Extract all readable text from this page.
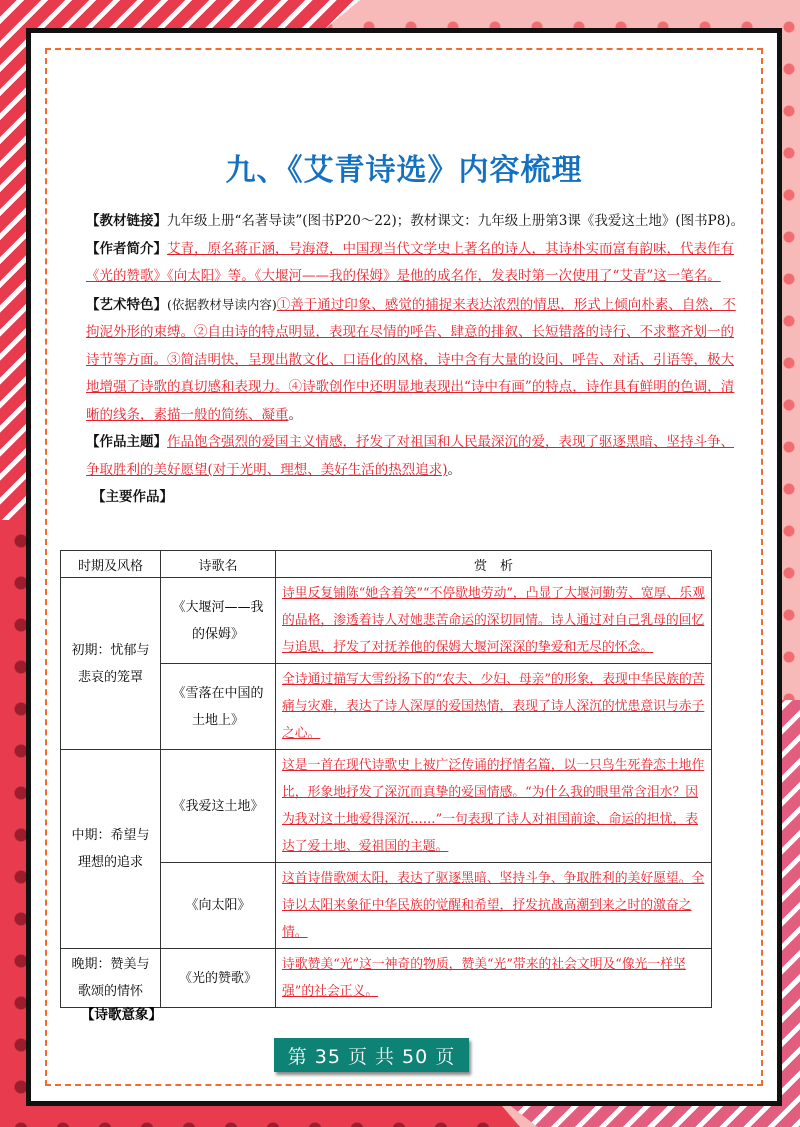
九、《艾青诗选》内容梳理

【教材链接】九年级上册“名著导读”(图书P20～22)；教材课文：九年级上册第3课《我爱这土地》(图书P8)。

【作者简介】艾青，原名蒋正涵，号海澄，中国现当代文学史上著名的诗人，其诗朴实而富有韵味，代表作有《光的赞歌》《向太阳》等。《大堰河——我的保姆》是他的成名作，发表时第一次使用了“艾青”这一笔名。

【艺术特色】(依据教材导读内容)①善于通过印象、感觉的捕捉来表达浓烈的情思，形式上倾向朴素、自然，不拘泥外形的束缚。②自由诗的特点明显，表现在尽情的呼告、肆意的排叙、长短错落的诗行、不求整齐划一的诗节等方面。③简洁明快，呈现出散文化、口语化的风格，诗中含有大量的设问、呼告、对话、引语等，极大地增强了诗歌的真切感和表现力。④诗歌创作中还明显地表现出“诗中有画”的特点，诗作具有鲜明的色调，清晰的线条，素描一般的简练、凝重。

【作品主题】作品饱含强烈的爱国主义情感，抒发了对祖国和人民最深沉的爱，表现了驱逐黑暗、坚持斗争、争取胜利的美好愿望(对于光明、理想、美好生活的热烈追求)。

【主要作品】

时期及风格	诗歌名	赏　析
初期：忧郁与悲哀的笼罩	《大堰河——我的保姆》	诗里反复铺陈“她含着笑”“不停歇地劳动”，凸显了大堰河勤劳、宽厚、乐观的品格，渗透着诗人对她悲苦命运的深切同情。诗人通过对自己乳母的回忆与追思，抒发了对抚养他的保姆大堰河深深的挚爱和无尽的怀念。
	《雪落在中国的土地上》	全诗通过描写大雪纷扬下的“农夫、少妇、母亲”的形象，表现中华民族的苦痛与灾难，表达了诗人深厚的爱国热情，表现了诗人深沉的忧患意识与赤子之心。
中期：希望与理想的追求	《我爱这土地》	这是一首在现代诗歌史上被广泛传诵的抒情名篇，以一只鸟生死眷恋土地作比，形象地抒发了深沉而真挚的爱国情感。“为什么我的眼里常含泪水？因为我对这土地爱得深沉……”一句表现了诗人对祖国前途、命运的担忧，表达了爱土地、爱祖国的主题。
	《向太阳》	这首诗借歌颂太阳，表达了驱逐黑暗、坚持斗争、争取胜利的美好愿望。全诗以太阳来象征中华民族的觉醒和希望，抒发抗战高潮到来之时的激奋之情。
晚期：赞美与歌颂的情怀	《光的赞歌》	诗歌赞美“光”这一神奇的物质，赞美“光”带来的社会文明及“像光一样坚强”的社会正义。
【诗歌意象】
第 35 页 共 50 页
